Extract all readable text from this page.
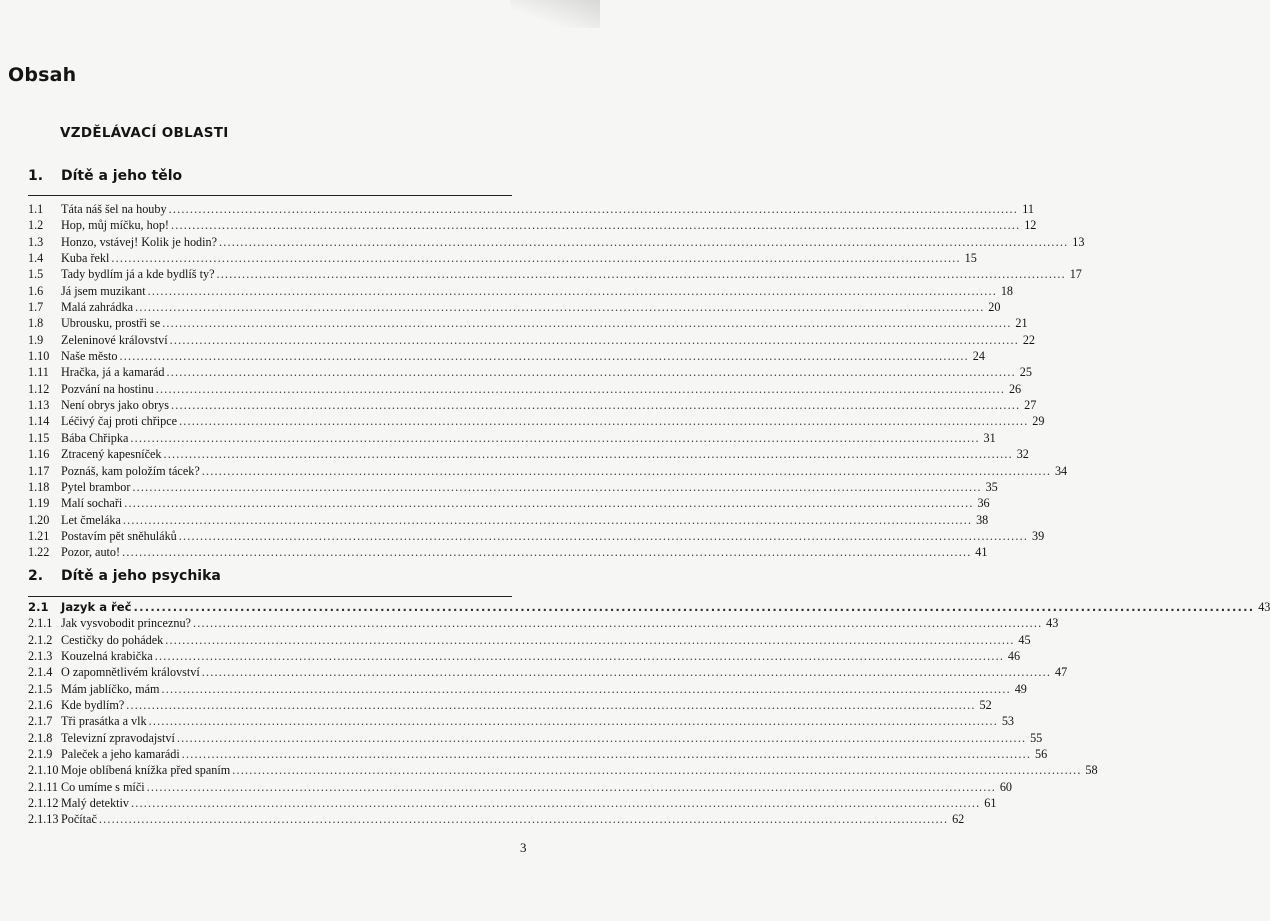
Obsah
VZDĚLÁVACÍ OBLASTI
1. Dítě a jeho tělo
1.1	Táta náš šel na houby ........................................................................................................................................................................................................ 11
1.2	Hop, můj míčku, hop! ........................................................................................................................................................................................................ 12
1.3	Honzo, vstávej! Kolik je hodin? ........................................................................................................................................................................................................ 13
1.4	Kuba řekl ........................................................................................................................................................................................................ 15
1.5	Tady bydlím já a kde bydlíš ty? ........................................................................................................................................................................................................ 17
1.6	Já jsem muzikant ........................................................................................................................................................................................................ 18
1.7	Malá zahrádka ........................................................................................................................................................................................................ 20
1.8	Ubrousku, prostři se ........................................................................................................................................................................................................ 21
1.9	Zeleninové království ........................................................................................................................................................................................................ 22
1.10 Naše město ........................................................................................................................................................................................................ 24
1.11 Hračka, já a kamarád ........................................................................................................................................................................................................ 25
1.12 Pozvání na hostinu ........................................................................................................................................................................................................ 26
1.13 Není obrys jako obrys ........................................................................................................................................................................................................ 27
1.14 Léčivý čaj proti chřipce ........................................................................................................................................................................................................ 29
1.15 Bába Chřipka ........................................................................................................................................................................................................ 31
1.16 Ztracený kapesníček ........................................................................................................................................................................................................ 32
1.17 Poznáš, kam položím tácek? ........................................................................................................................................................................................................ 34
1.18 Pytel brambor ........................................................................................................................................................................................................ 35
1.19 Malí sochaři ........................................................................................................................................................................................................ 36
1.20 Let čmeláka ........................................................................................................................................................................................................ 38
1.21 Postavím pět sněhuláků ........................................................................................................................................................................................................ 39
1.22 Pozor, auto! ........................................................................................................................................................................................................ 41
2. Dítě a jeho psychika
2.1	Jazyk a řeč ........................................................................................................................................................................................................ 43
2.1.1 Jak vysvobodit princeznu? ........................................................................................................................................................................................................ 43
2.1.2 Cestičky do pohádek ........................................................................................................................................................................................................ 45
2.1.3 Kouzelná krabička ........................................................................................................................................................................................................ 46
2.1.4 O zapomnětlivém království ........................................................................................................................................................................................................ 47
2.1.5 Mám jablíčko, mám ........................................................................................................................................................................................................ 49
2.1.6 Kde bydlím? ........................................................................................................................................................................................................ 52
2.1.7 Tři prasátka a vlk ........................................................................................................................................................................................................ 53
2.1.8 Televizní zpravodajství ........................................................................................................................................................................................................ 55
2.1.9 Paleček a jeho kamarádi ........................................................................................................................................................................................................ 56
2.1.10 Moje oblíbená knížka před spaním ........................................................................................................................................................................................................ 58
2.1.11 Co umíme s míči ........................................................................................................................................................................................................ 60
2.1.12 Malý detektiv ........................................................................................................................................................................................................ 61
2.1.13 Počítač ........................................................................................................................................................................................................ 62
3
